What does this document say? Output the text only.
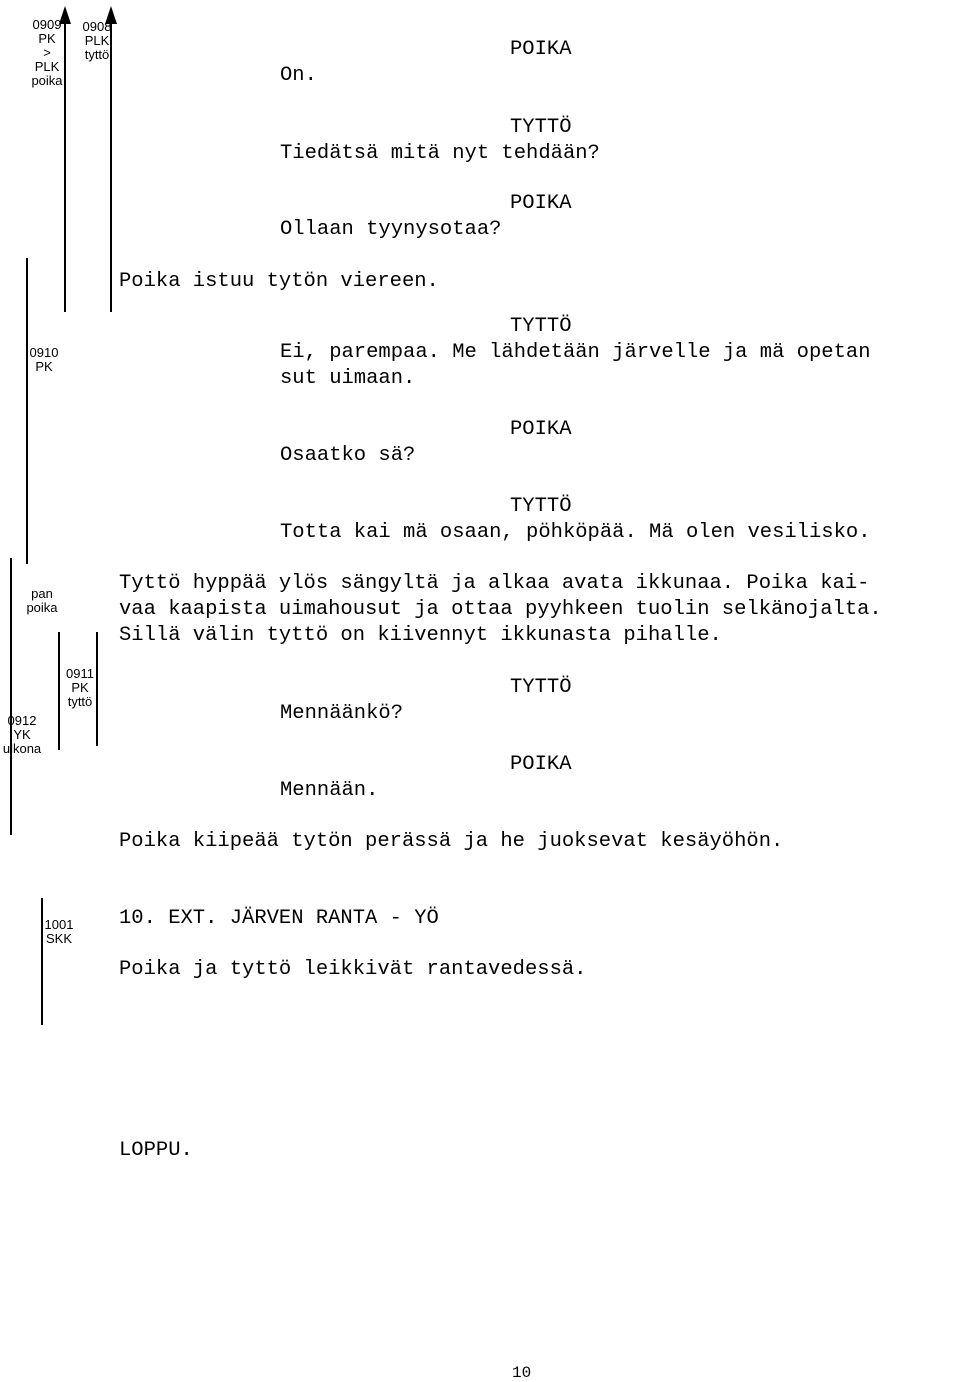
0909
PK
>
PLK
poika
0908
PLK
tyttö
0910
PK
pan
poika
0911
PK
tyttö
0912
YK
ulkona
1001
SKK

POIKA

On.

TYTTÖ

Tiedätsä mitä nyt tehdään?

POIKA

Ollaan tyynysotaa?

Poika istuu tytön viereen.

TYTTÖ

Ei, parempaa. Me lähdetään järvelle ja mä opetan

sut uimaan.

POIKA

Osaatko sä?

TYTTÖ

Totta kai mä osaan, pöhköpää. Mä olen vesilisko.

Tyttö hyppää ylös sängyltä ja alkaa avata ikkunaa. Poika kai-

vaa kaapista uimahousut ja ottaa pyyhkeen tuolin selkänojalta.

Sillä välin tyttö on kiivennyt ikkunasta pihalle.

TYTTÖ

Mennäänkö?

POIKA

Mennään.

Poika kiipeää tytön perässä ja he juoksevat kesäyöhön.

10. EXT. JÄRVEN RANTA - YÖ

Poika ja tyttö leikkivät rantavedessä.

LOPPU.

10
